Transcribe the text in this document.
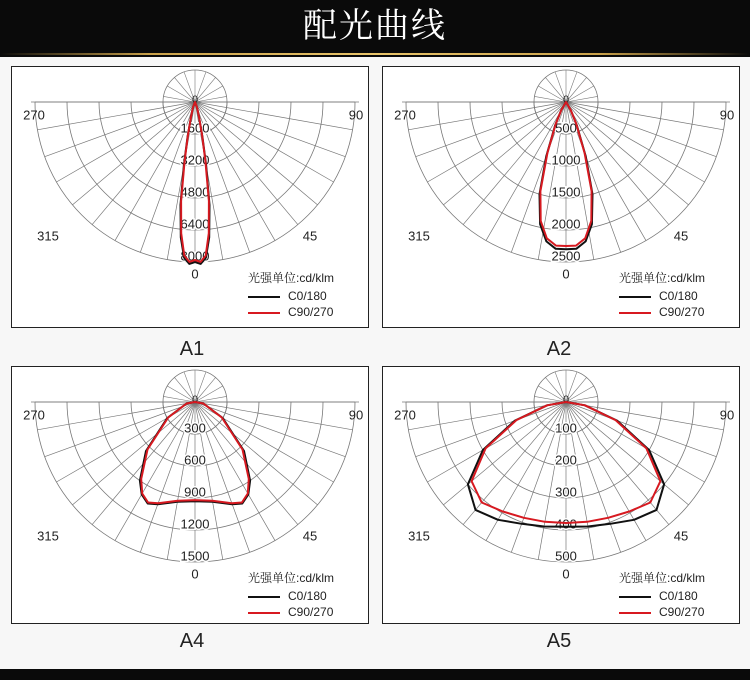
配光曲线
0
270	90
315	45
0
1600
3200
4800
6400
8000
光强单位:cd/klm
C0/180
C90/270
A1
0
270	90
315	45
0
500
1000
1500
2000
2500
光强单位:cd/klm
C0/180
C90/270
A2
0
270	90
315	45
0
300
600
900
1200
1500
光强单位:cd/klm
C0/180
C90/270
A4
0
270	90
315	45
0
100
200
300
400
500
光强单位:cd/klm
C0/180
C90/270
A5
